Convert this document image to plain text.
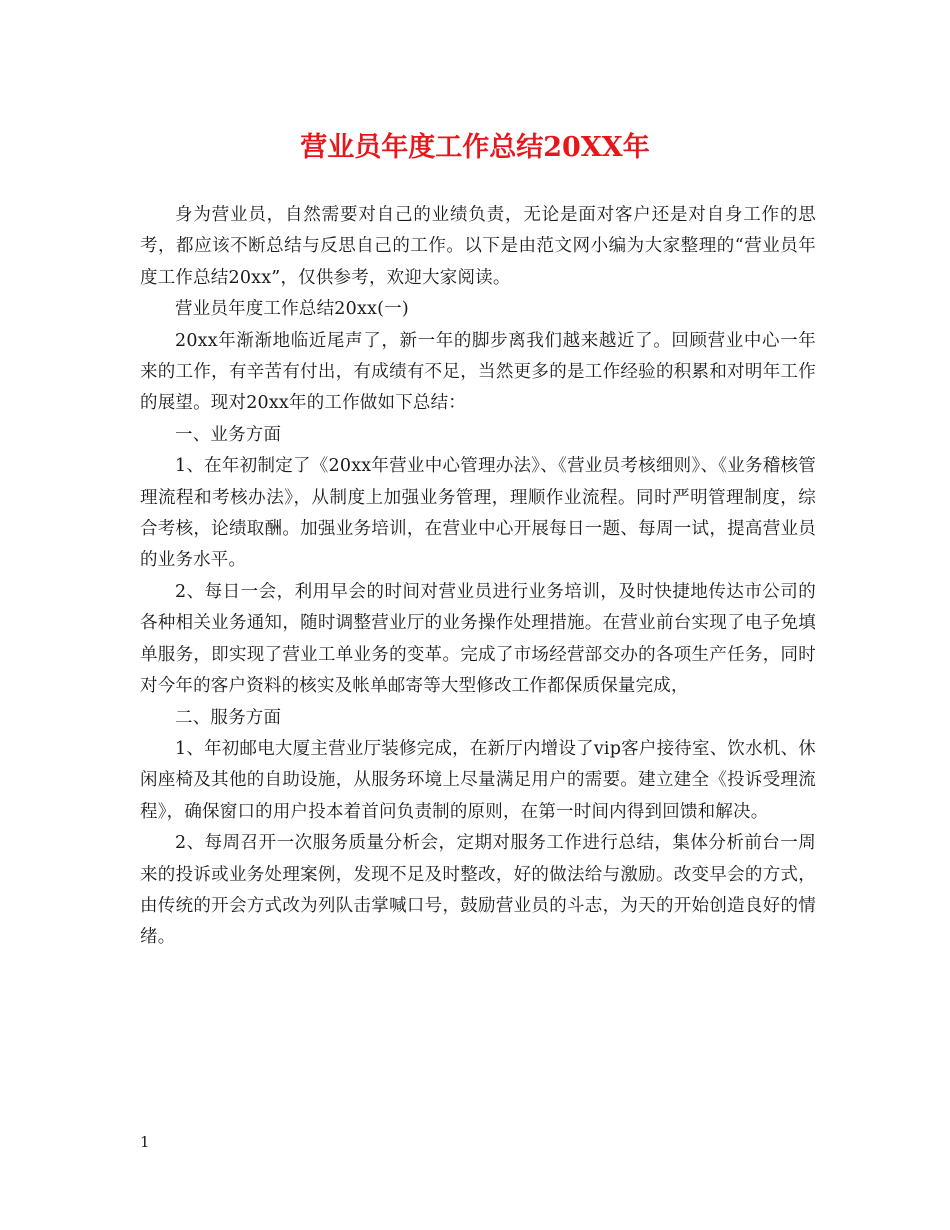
营业员年度工作总结20XX年

身为营业员，自然需要对自己的业绩负责，无论是面对客户还是对自身工作的思考，都应该不断总结与反思自己的工作。以下是由范文网小编为大家整理的“营业员年度工作总结20xx”，仅供参考，欢迎大家阅读。

营业员年度工作总结20xx(一)

20xx年渐渐地临近尾声了，新一年的脚步离我们越来越近了。回顾营业中心一年来的工作，有辛苦有付出，有成绩有不足，当然更多的是工作经验的积累和对明年工作的展望。现对20xx年的工作做如下总结：

一、业务方面

1、在年初制定了《20xx年营业中心管理办法》、《营业员考核细则》、《业务稽核管理流程和考核办法》，从制度上加强业务管理，理顺作业流程。同时严明管理制度，综合考核，论绩取酬。加强业务培训，在营业中心开展每日一题、每周一试，提高营业员的业务水平。

2、每日一会，利用早会的时间对营业员进行业务培训，及时快捷地传达市公司的各种相关业务通知，随时调整营业厅的业务操作处理措施。在营业前台实现了电子免填单服务，即实现了营业工单业务的变革。完成了市场经营部交办的各项生产任务，同时对今年的客户资料的核实及帐单邮寄等大型修改工作都保质保量完成，

二、服务方面

1、年初邮电大厦主营业厅装修完成，在新厅内增设了vip客户接待室、饮水机、休闲座椅及其他的自助设施，从服务环境上尽量满足用户的需要。建立建全《投诉受理流程》，确保窗口的用户投本着首问负责制的原则，在第一时间内得到回馈和解决。

2、每周召开一次服务质量分析会，定期对服务工作进行总结，集体分析前台一周来的投诉或业务处理案例，发现不足及时整改，好的做法给与激励。改变早会的方式，由传统的开会方式改为列队击掌喊口号，鼓励营业员的斗志，为天的开始创造良好的情绪。

1
